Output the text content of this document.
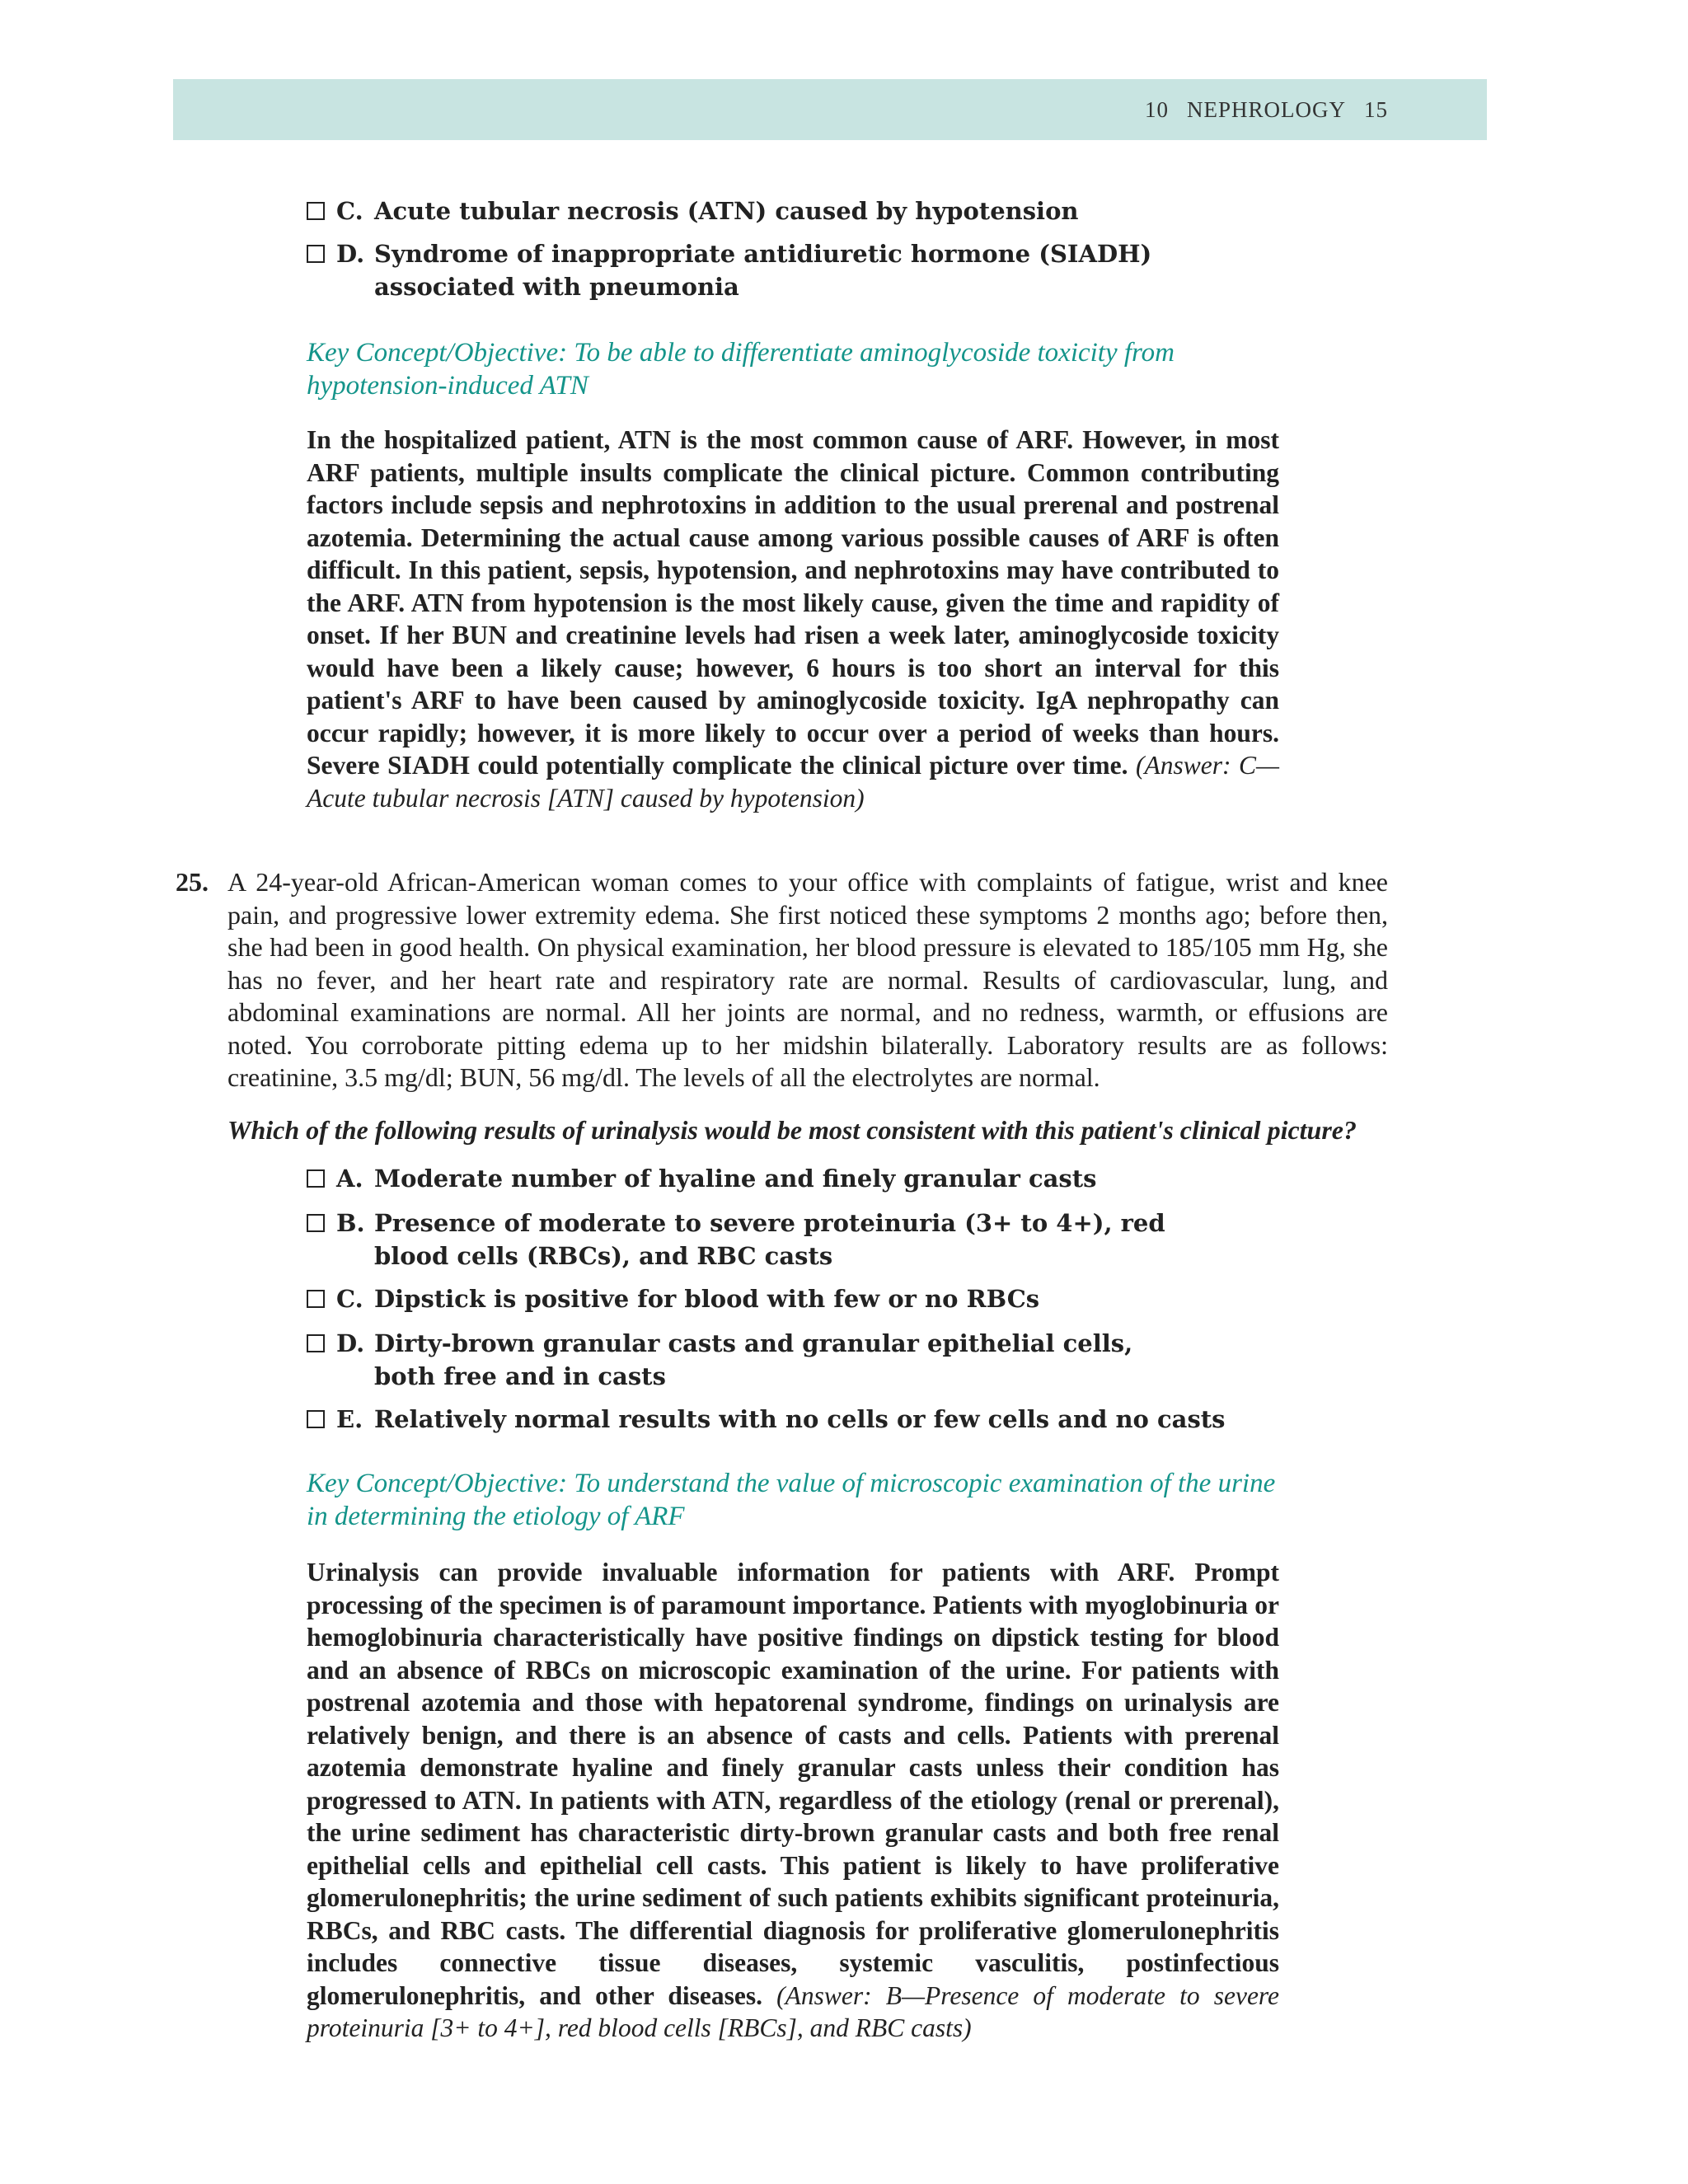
10 NEPHROLOGY 15
C. Acute tubular necrosis (ATN) caused by hypotension
D. Syndrome of inappropriate antidiuretic hormone (SIADH) associated with pneumonia
Key Concept/Objective: To be able to differentiate aminoglycoside toxicity from hypotension-induced ATN
In the hospitalized patient, ATN is the most common cause of ARF. However, in most ARF patients, multiple insults complicate the clinical picture. Common contributing factors include sepsis and nephrotoxins in addition to the usual prerenal and postrenal azotemia. Determining the actual cause among various possible causes of ARF is often difficult. In this patient, sepsis, hypotension, and nephrotoxins may have contributed to the ARF. ATN from hypotension is the most likely cause, given the time and rapidity of onset. If her BUN and creatinine levels had risen a week later, aminoglycoside toxicity would have been a likely cause; however, 6 hours is too short an interval for this patient's ARF to have been caused by aminoglycoside toxicity. IgA nephropathy can occur rapidly; however, it is more likely to occur over a period of weeks than hours. Severe SIADH could potentially complicate the clinical picture over time. (Answer: C—Acute tubular necrosis [ATN] caused by hypotension)
25. A 24-year-old African-American woman comes to your office with complaints of fatigue, wrist and knee pain, and progressive lower extremity edema. She first noticed these symptoms 2 months ago; before then, she had been in good health. On physical examination, her blood pressure is elevated to 185/105 mm Hg, she has no fever, and her heart rate and respiratory rate are normal. Results of cardiovascular, lung, and abdominal examinations are normal. All her joints are normal, and no redness, warmth, or effusions are noted. You corroborate pitting edema up to her midshin bilaterally. Laboratory results are as follows: creatinine, 3.5 mg/dl; BUN, 56 mg/dl. The levels of all the electrolytes are normal.
Which of the following results of urinalysis would be most consistent with this patient's clinical picture?
A. Moderate number of hyaline and finely granular casts
B. Presence of moderate to severe proteinuria (3+ to 4+), red blood cells (RBCs), and RBC casts
C. Dipstick is positive for blood with few or no RBCs
D. Dirty-brown granular casts and granular epithelial cells, both free and in casts
E. Relatively normal results with no cells or few cells and no casts
Key Concept/Objective: To understand the value of microscopic examination of the urine in determining the etiology of ARF
Urinalysis can provide invaluable information for patients with ARF. Prompt processing of the specimen is of paramount importance. Patients with myoglobinuria or hemoglobinuria characteristically have positive findings on dipstick testing for blood and an absence of RBCs on microscopic examination of the urine. For patients with postrenal azotemia and those with hepatorenal syndrome, findings on urinalysis are relatively benign, and there is an absence of casts and cells. Patients with prerenal azotemia demonstrate hyaline and finely granular casts unless their condition has progressed to ATN. In patients with ATN, regardless of the etiology (renal or prerenal), the urine sediment has characteristic dirty-brown granular casts and both free renal epithelial cells and epithelial cell casts. This patient is likely to have proliferative glomerulonephritis; the urine sediment of such patients exhibits significant proteinuria, RBCs, and RBC casts. The differential diagnosis for proliferative glomerulonephritis includes connective tissue diseases, systemic vasculitis, postinfectious glomerulonephritis, and other diseases. (Answer: B—Presence of moderate to severe proteinuria [3+ to 4+], red blood cells [RBCs], and RBC casts)
